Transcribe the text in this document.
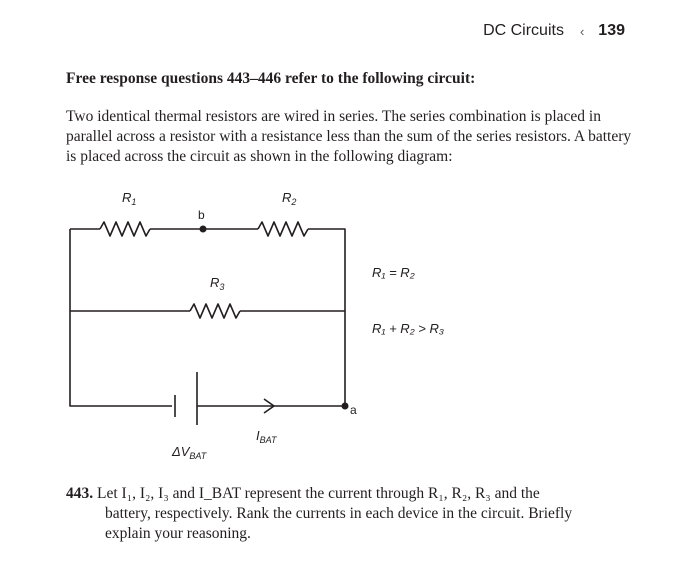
DC Circuits ‹ 139
Free response questions 443–446 refer to the following circuit:
Two identical thermal resistors are wired in series. The series combination is placed in parallel across a resistor with a resistance less than the sum of the series resistors. A battery is placed across the circuit as shown in the following diagram:
$R_1$	$R_2$
$R_3$
b
a
$\Delta V_{BAT}$
$I_{BAT}$
R₁ = R₂
R₁ + R₂ > R₃
443. Let I₁, I₂, I₃ and I_BAT represent the current through R₁, R₂, R₃ and the
battery, respectively. Rank the currents in each device in the circuit. Briefly
explain your reasoning.
